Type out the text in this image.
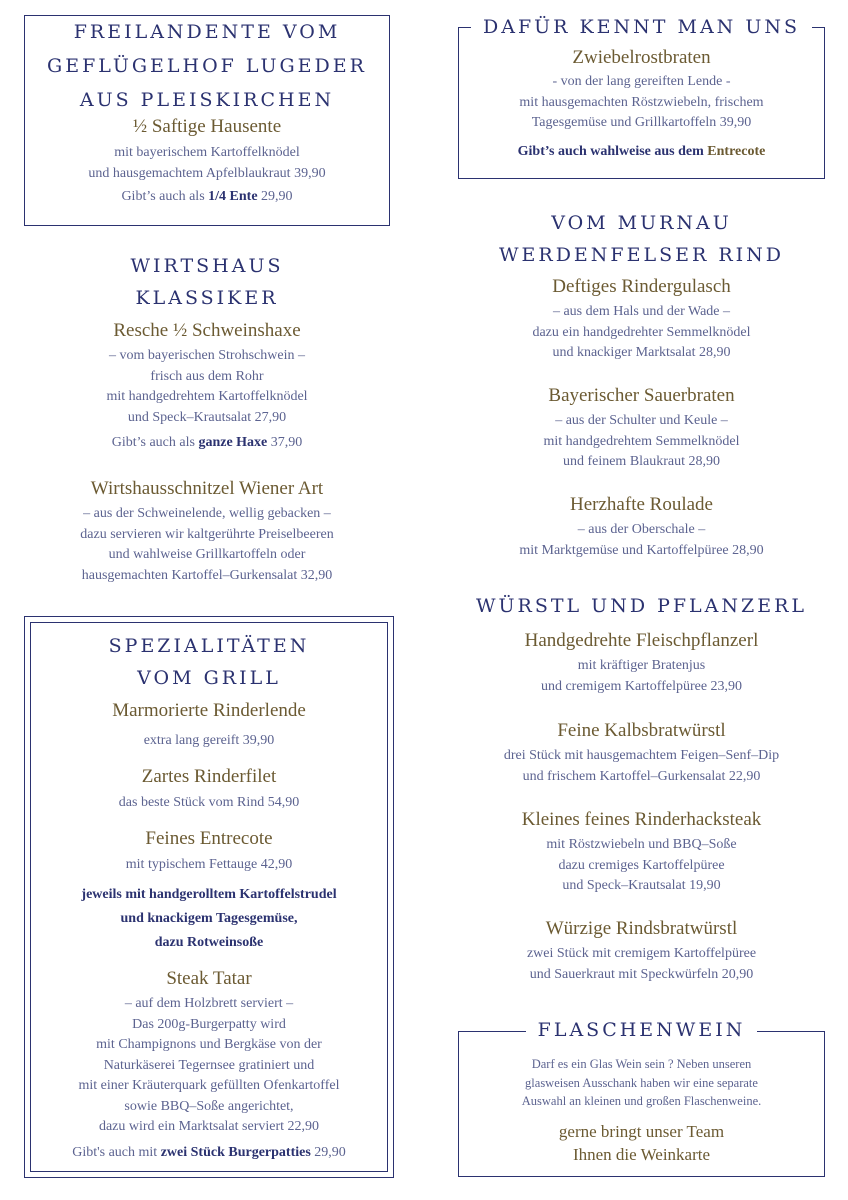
FREILANDENTE VOM
GEFLÜGELHOF LUGEDER
AUS PLEISKIRCHEN
½ Saftige Hausente
mit bayerischem Kartoffelknödel
und hausgemachtem Apfelblaukraut 39,90
Gibt’s auch als 1/4 Ente 29,90
WIRTSHAUS
KLASSIKER
Resche ½ Schweinshaxe
– vom bayerischen Strohschwein –
frisch aus dem Rohr
mit handgedrehtem Kartoffelknödel
und Speck–Krautsalat 27,90
Gibt’s auch als ganze Haxe 37,90
Wirtshausschnitzel Wiener Art
– aus der Schweinelende, wellig gebacken –
dazu servieren wir kaltgerührte Preiselbeeren
und wahlweise Grillkartoffeln oder
hausgemachten Kartoffel–Gurkensalat 32,90
SPEZIALITÄTEN
VOM GRILL
Marmorierte Rinderlende
extra lang gereift 39,90
Zartes Rinderfilet
das beste Stück vom Rind 54,90
Feines Entrecote
mit typischem Fettauge 42,90
jeweils mit handgerolltem Kartoffelstrudel
und knackigem Tagesgemüse,
dazu Rotweinsoße
Steak Tatar
– auf dem Holzbrett serviert –
Das 200g-Burgerpatty wird
mit Champignons und Bergkäse von der
Naturkäserei Tegernsee gratiniert und
mit einer Kräuterquark gefüllten Ofenkartoffel
sowie BBQ–Soße angerichtet,
dazu wird ein Marktsalat serviert 22,90
Gibt's auch mit zwei Stück Burgerpatties 29,90
DAFÜR KENNT MAN UNS
Zwiebelrostbraten
- von der lang gereiften Lende -
mit hausgemachten Röstzwiebeln, frischem
Tagesgemüse und Grillkartoffeln 39,90
Gibt’s auch wahlweise aus dem Entrecote
VOM MURNAU
WERDENFELSER RIND
Deftiges Rindergulasch
– aus dem Hals und der Wade –
dazu ein handgedrehter Semmelknödel
und knackiger Marktsalat 28,90
Bayerischer Sauerbraten
– aus der Schulter und Keule –
mit handgedrehtem Semmelknödel
und feinem Blaukraut 28,90
Herzhafte Roulade
– aus der Oberschale –
mit Marktgemüse und Kartoffelpüree 28,90
WÜRSTL UND PFLANZERL
Handgedrehte Fleischpflanzerl
mit kräftiger Bratenjus
und cremigem Kartoffelpüree 23,90
Feine Kalbsbratwürstl
drei Stück mit hausgemachtem Feigen–Senf–Dip
und frischem Kartoffel–Gurkensalat 22,90
Kleines feines Rinderhacksteak
mit Röstzwiebeln und BBQ–Soße
dazu cremiges Kartoffelpüree
und Speck–Krautsalat 19,90
Würzige Rindsbratwürstl
zwei Stück mit cremigem Kartoffelpüree
und Sauerkraut mit Speckwürfeln 20,90
FLASCHENWEIN
Darf es ein Glas Wein sein ? Neben unseren
glasweisen Ausschank haben wir eine separate
Auswahl an kleinen und großen Flaschenweine.
gerne bringt unser Team
Ihnen die Weinkarte
